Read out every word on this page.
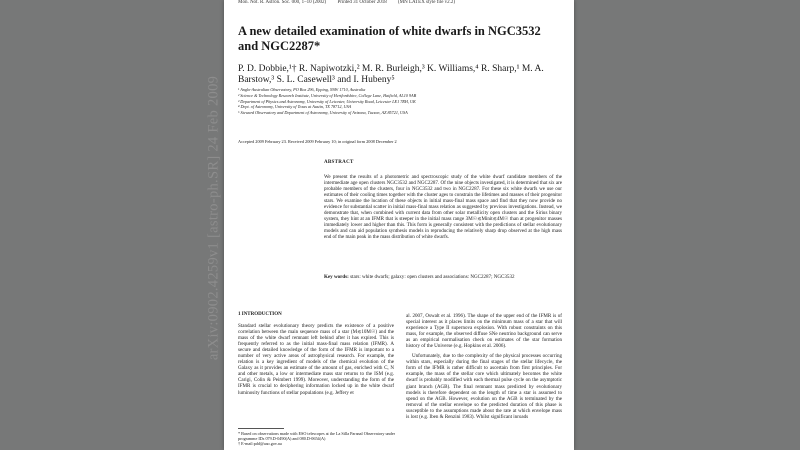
Mon. Not. R. Astron. Soc. 000, 1–10 (2002) Printed 31 October 2018 (MN LATEX style file v2.2)
A new detailed examination of white dwarfs in NGC3532 and NGC2287*
P. D. Dobbie,¹† R. Napiwotzki,² M. R. Burleigh,³ K. Williams,⁴ R. Sharp,¹ M. A. Barstow,³ S. L. Casewell³ and I. Hubeny⁵
¹ Anglo-Australian Observatory, PO Box 296, Epping, NSW 1710, Australia
² Science & Technology Research Institute, University of Hertfordshire, College Lane, Hatfield, AL10 9AB
³ Department of Physics and Astronomy, University of Leicester, University Road, Leicester LE1 7RH, UK
⁴ Dept. of Astronomy, University of Texas at Austin, TX 78712, USA
⁵ Steward Observatory and Department of Astronomy, University of Arizona, Tucson, AZ 85721, USA
Accepted 2009 February 23. Received 2009 February 10; in original form 2008 December 2
ABSTRACT
We present the results of a photometric and spectroscopic study of the white dwarf candidate members of the intermediate age open clusters NGC3532 and NGC2287. Of the nine objects investigated, it is determined that six are probable members of the clusters, four in NGC3532 and two in NGC2287. For these six white dwarfs we use our estimates of their cooling times together with the cluster ages to constrain the lifetimes and masses of their progenitor stars. We examine the location of these objects in initial mass-final mass space and find that they now provide no evidence for substantial scatter in initial mass-final mass relation as suggested by previous investigations. Instead, we demonstrate that, when combined with current data from other solar metallicity open clusters and the Sirius binary system, they hint at an IFMR that is steeper in the initial mass range 3M☉≲Minit≲4M☉ than at progenitor masses immediately lower and higher than this. This form is generally consistent with the predictions of stellar evolutionary models and can aid population synthesis models in reproducing the relatively sharp drop observed at the high mass end of the main peak in the mass distribution of white dwarfs.
Key words: stars: white dwarfs; galaxy: open clusters and associations: NGC2287; NGC3532
1 INTRODUCTION

Standard stellar evolutionary theory predicts the existence of a positive correlation between the main sequence mass of a star (M≲10M☉) and the mass of the white dwarf remnant left behind after it has expired. This is frequently referred to as the initial mass-final mass relation (IFMR). A secure and detailed knowledge of the form of the IFMR is important to a number of very active areas of astrophysical research. For example, the relation is a key ingredient of models of the chemical evolution of the Galaxy as it provides an estimate of the amount of gas, enriched with C, N and other metals, a low or intermediate mass star returns to the ISM (e.g. Carigi, Colin & Peimbert 1999). Moreover, understanding the form of the IFMR is crucial to deciphering information locked up in the white dwarf luminosity functions of stellar populations (e.g. Jeffery et

al. 2007, Oswalt et al. 1996). The shape of the upper end of the IFMR is of special interest as it places limits on the minimum mass of a star that will experience a Type II supernova explosion. With robust constraints on this mass, for example, the observed diffuse SNe neutrino background can serve as an empirical normalisation check on estimates of the star formation history of the Universe (e.g. Hopkins et al. 2006).

Unfortunately, due to the complexity of the physical processes occurring within stars, especially during the final stages of the stellar lifecycle, the form of the IFMR is rather difficult to ascertain from first principles. For example, the mass of the stellar core which ultimately becomes the white dwarf is probably modified with each thermal pulse cycle on the asymptotic giant branch (AGB). The final remnant mass predicted by evolutionary models is therefore dependent on the length of time a star is assumed to spend on the AGB. However, evolution on the AGB is terminated by the removal of the stellar envelope so the predicted duration of this phase is susceptible to the assumptions made about the rate at which envelope mass is lost (e.g. Iben & Renzini 1983). Whilst significant inroads

* Based on observations made with ESO telescopes at the La Silla Paranal Observatory under programme IDs 079.D-0490(A) and 080.D-0654(A)
† E-mail:pdd@aao.gov.au
arXiv:0902.4259v1 [astro-ph.SR] 24 Feb 2009
